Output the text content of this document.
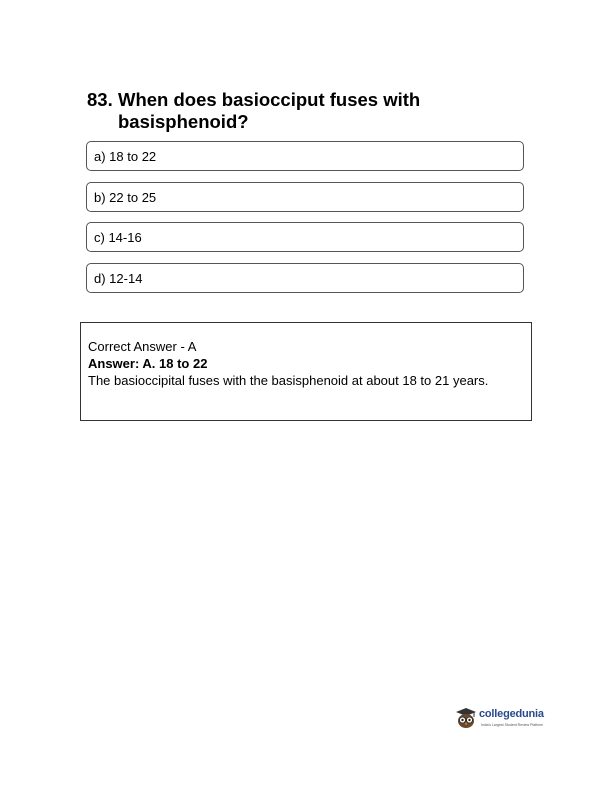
83. When does basiocciput fuses with
basisphenoid?
a) 18 to 22
b) 22 to 25
c) 14-16
d) 12-14
Correct Answer - A
Answer: A. 18 to 22
The basioccipital fuses with the basisphenoid at about 18 to 21 years.
collegedunia
India's Largest Student Review Platform
